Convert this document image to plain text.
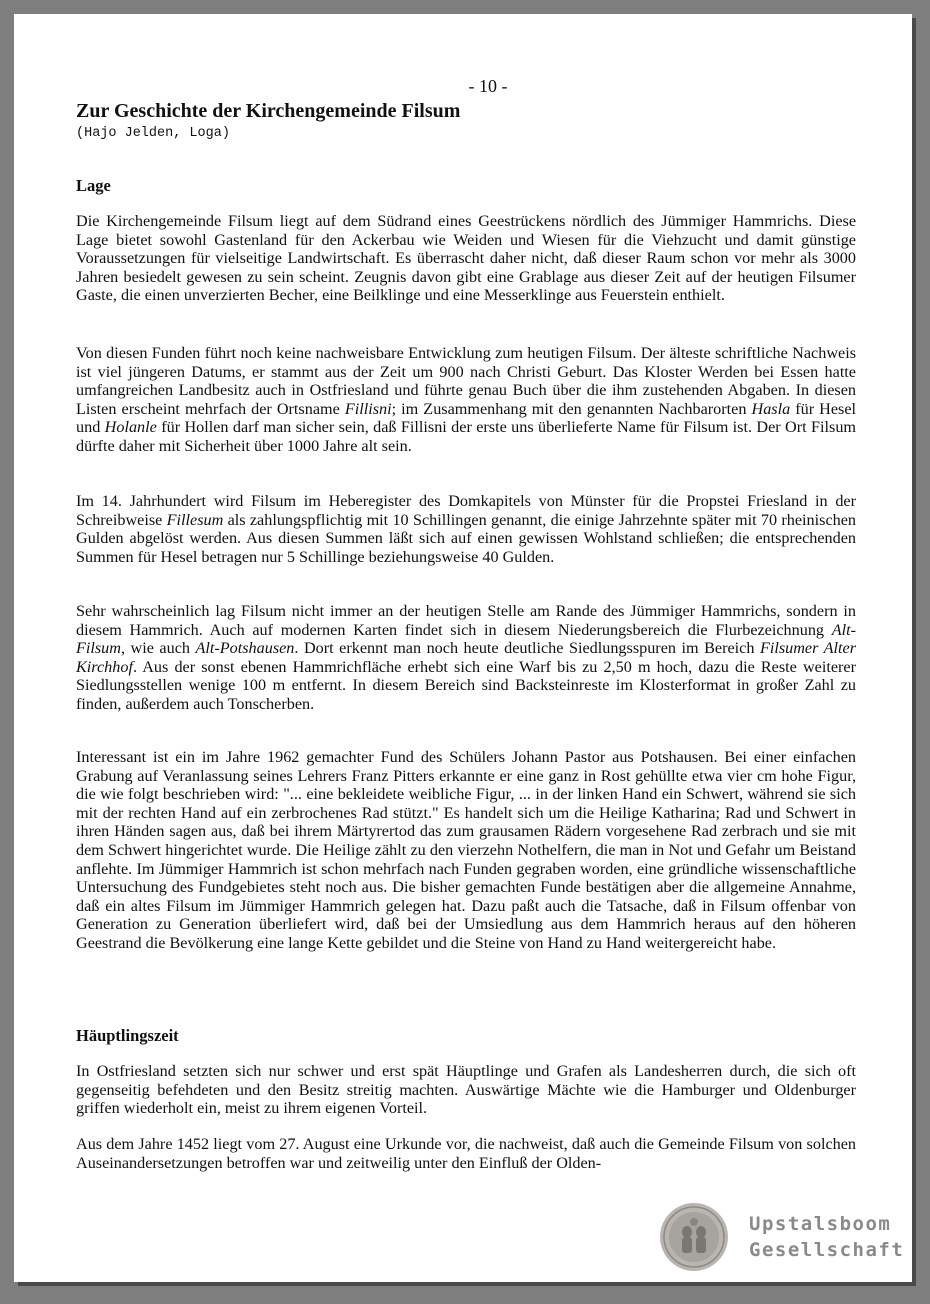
- 10 -
Zur Geschichte der Kirchengemeinde Filsum
(Hajo Jelden, Loga)
Lage

Die Kirchengemeinde Filsum liegt auf dem Südrand eines Geestrückens nördlich des Jümmiger Hammrichs. Diese Lage bietet sowohl Gastenland für den Ackerbau wie Weiden und Wiesen für die Viehzucht und damit günstige Voraussetzungen für vielseitige Landwirtschaft. Es überrascht daher nicht, daß dieser Raum schon vor mehr als 3000 Jahren besiedelt gewesen zu sein scheint. Zeugnis davon gibt eine Grablage aus dieser Zeit auf der heutigen Filsumer Gaste, die einen unverzierten Becher, eine Beilklinge und eine Messerklinge aus Feuerstein enthielt.

Von diesen Funden führt noch keine nachweisbare Entwicklung zum heutigen Filsum. Der älteste schriftliche Nachweis ist viel jüngeren Datums, er stammt aus der Zeit um 900 nach Christi Geburt. Das Kloster Werden bei Essen hatte umfangreichen Landbesitz auch in Ostfriesland und führte genau Buch über die ihm zustehenden Abgaben. In diesen Listen erscheint mehrfach der Ortsname Fillisni; im Zusammenhang mit den genannten Nachbarorten Hasla für Hesel und Holanle für Hollen darf man sicher sein, daß Fillisni der erste uns überlieferte Name für Filsum ist. Der Ort Filsum dürfte daher mit Sicherheit über 1000 Jahre alt sein.

Im 14. Jahrhundert wird Filsum im Heberegister des Domkapitels von Münster für die Propstei Friesland in der Schreibweise Fillesum als zahlungspflichtig mit 10 Schillingen genannt, die einige Jahrzehnte später mit 70 rheinischen Gulden abgelöst werden. Aus diesen Summen läßt sich auf einen gewissen Wohlstand schließen; die entsprechenden Summen für Hesel betragen nur 5 Schillinge beziehungsweise 40 Gulden.

Sehr wahrscheinlich lag Filsum nicht immer an der heutigen Stelle am Rande des Jümmiger Hammrichs, sondern in diesem Hammrich. Auch auf modernen Karten findet sich in diesem Niederungsbereich die Flurbezeichnung Alt-Filsum, wie auch Alt-Potshausen. Dort erkennt man noch heute deutliche Siedlungsspuren im Bereich Filsumer Alter Kirchhof. Aus der sonst ebenen Hammrichfläche erhebt sich eine Warf bis zu 2,50 m hoch, dazu die Reste weiterer Siedlungsstellen wenige 100 m entfernt. In diesem Bereich sind Backsteinreste im Klosterformat in großer Zahl zu finden, außerdem auch Tonscherben.

Interessant ist ein im Jahre 1962 gemachter Fund des Schülers Johann Pastor aus Potshausen. Bei einer einfachen Grabung auf Veranlassung seines Lehrers Franz Pitters erkannte er eine ganz in Rost gehüllte etwa vier cm hohe Figur, die wie folgt beschrieben wird: "... eine bekleidete weibliche Figur, ... in der linken Hand ein Schwert, während sie sich mit der rechten Hand auf ein zerbrochenes Rad stützt." Es handelt sich um die Heilige Katharina; Rad und Schwert in ihren Händen sagen aus, daß bei ihrem Märtyrertod das zum grausamen Rädern vorgesehene Rad zerbrach und sie mit dem Schwert hingerichtet wurde. Die Heilige zählt zu den vierzehn Nothelfern, die man in Not und Gefahr um Beistand anflehte. Im Jümmiger Hammrich ist schon mehrfach nach Funden gegraben worden, eine gründliche wissenschaftliche Untersuchung des Fundgebietes steht noch aus. Die bisher gemachten Funde bestätigen aber die allgemeine Annahme, daß ein altes Filsum im Jümmiger Hammrich gelegen hat. Dazu paßt auch die Tatsache, daß in Filsum offenbar von Generation zu Generation überliefert wird, daß bei der Umsiedlung aus dem Hammrich heraus auf den höheren Geestrand die Bevölkerung eine lange Kette gebildet und die Steine von Hand zu Hand weitergereicht habe.

Häuptlingszeit

In Ostfriesland setzten sich nur schwer und erst spät Häuptlinge und Grafen als Landesherren durch, die sich oft gegenseitig befehdeten und den Besitz streitig machten. Auswärtige Mächte wie die Hamburger und Oldenburger griffen wiederholt ein, meist zu ihrem eigenen Vorteil.

Aus dem Jahre 1452 liegt vom 27. August eine Urkunde vor, die nachweist, daß auch die Gemeinde Filsum von solchen Auseinandersetzungen betroffen war und zeitweilig unter den Einfluß der Olden-

Upstalsboom
Gesellschaft
